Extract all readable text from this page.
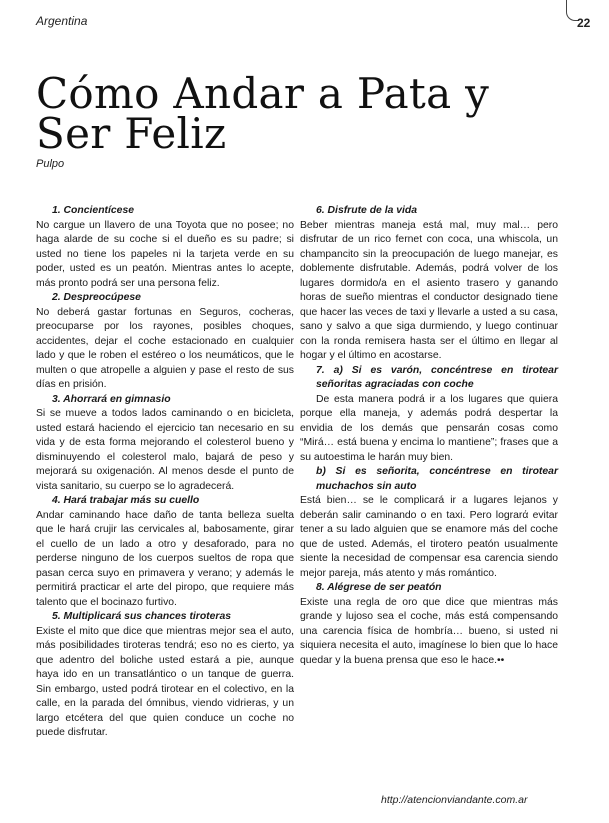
Argentina	22
Cómo Andar a Pata y
Ser Feliz
Pulpo
1. Concientícese

No cargue un llavero de una Toyota que no posee; no haga alarde de su coche si el dueño es su padre; si usted no tiene los papeles ni la tarjeta verde en su poder, usted es un peatón. Mientras antes lo acepte, más pronto podrá ser una persona feliz.

2. Despreocúpese

No deberá gastar fortunas en Seguros, cocheras, preocuparse por los rayones, posibles choques, accidentes, dejar el coche estacionado en cualquier lado y que le roben el estéreo o los neumáticos, que le multen o que atropelle a alguien y pase el resto de sus días en prisión.

3. Ahorrará en gimnasio

Si se mueve a todos lados caminando o en bicicleta, usted estará haciendo el ejercicio tan necesario en su vida y de esta forma mejorando el colesterol bueno y disminuyendo el colesterol malo, bajará de peso y mejorará su oxigenación. Al menos desde el punto de vista sanitario, su cuerpo se lo agradecerá.

4. Hará trabajar más su cuello

Andar caminando hace daño de tanta belleza suelta que le hará crujir las cervicales al, babosamente, girar el cuello de un lado a otro y desaforado, para no perderse ninguno de los cuerpos sueltos de ropa que pasan cerca suyo en primavera y verano; y además le permitirá practicar el arte del piropo, que requiere más talento que el bocinazo furtivo.

5. Multiplicará sus chances tiroteras

Existe el mito que dice que mientras mejor sea el auto, más posibilidades tiroteras tendrá; eso no es cierto, ya que adentro del boliche usted estará a pie, aunque haya ido en un transatlántico o un tanque de guerra. Sin embargo, usted podrá tirotear en el colectivo, en la calle, en la parada del ómnibus, viendo vidrieras, y un largo etcétera del que quien conduce un coche no puede disfrutar.

6. Disfrute de la vida

Beber mientras maneja está mal, muy mal… pero disfrutar de un rico fernet con coca, una whiscola, un champancito sin la preocupación de luego manejar, es doblemente disfrutable. Además, podrá volver de los lugares dormido/a en el asiento trasero y ganando horas de sueño mientras el conductor designado tiene que hacer las veces de taxi y llevarle a usted a su casa, sano y salvo a que siga durmiendo, y luego continuar con la ronda remisera hasta ser el último en llegar al hogar y el último en acostarse.

7. a) Si es varón, concéntrese en tirotear señoritas agraciadas con coche

De esta manera podrá ir a los lugares que quiera porque ella maneja, y además podrá despertar la envidia de los demás que pensarán cosas como “Mirá… está buena y encima lo mantiene”; frases que a su autoestima le harán muy bien.

b) Si es señorita, concéntrese en tirotear muchachos sin auto

Está bien… se le complicará ir a lugares lejanos y deberán salir caminando o en taxi. Pero lograrά evitar tener a su lado alguien que se enamore más del coche que de usted. Además, el tirotero peatón usualmente siente la necesidad de compensar esa carencia siendo mejor pareja, más atento y más romántico.

8. Alégrese de ser peatón

Existe una regla de oro que dice que mientras más grande y lujoso sea el coche, más está compensando una carencia física de hombría… bueno, si usted ni siquiera necesita el auto, imagínese lo bien que lo hace quedar y la buena prensa que eso le hace.••

http://atencionviandante.com.ar
